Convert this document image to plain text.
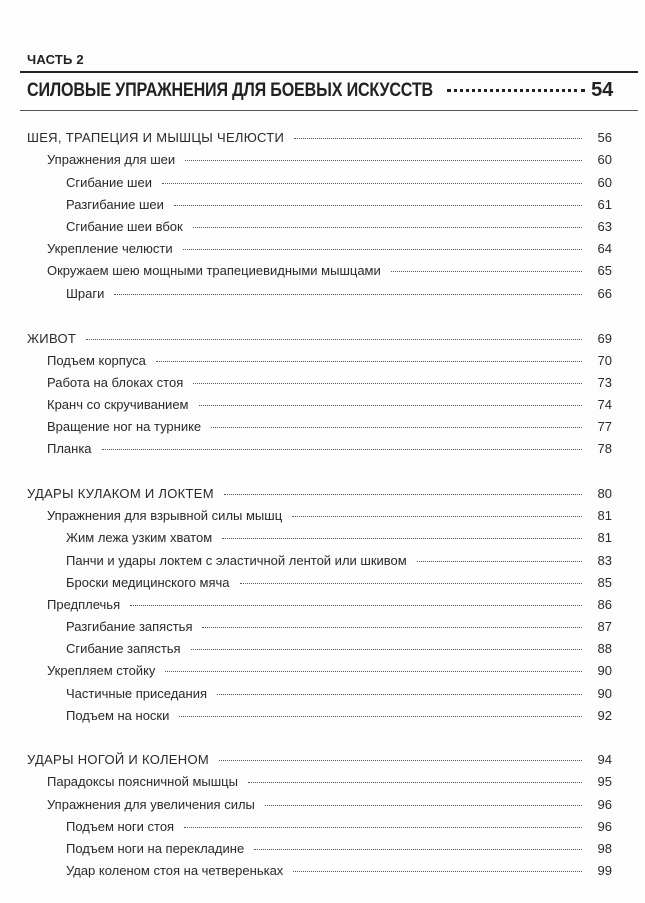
ЧАСТЬ 2
СИЛОВЫЕ УПРАЖНЕНИЯ ДЛЯ БОЕВЫХ ИСКУССТВ	54
ШЕЯ, ТРАПЕЦИЯ И МЫШЦЫ ЧЕЛЮСТИ	56
Упражнения для шеи	60
Сгибание шеи	60
Разгибание шеи	61
Сгибание шеи вбок	63
Укрепление челюсти	64
Окружаем шею мощными трапециевидными мышцами	65
Шраги	66
ЖИВОТ	69
Подъем корпуса	70
Работа на блоках стоя	73
Кранч со скручиванием	74
Вращение ног на турнике	77
Планка	78
УДАРЫ КУЛАКОМ И ЛОКТЕМ	80
Упражнения для взрывной силы мышц	81
Жим лежа узким хватом	81
Панчи и удары локтем с эластичной лентой или шкивом	83
Броски медицинского мяча	85
Предплечья	86
Разгибание запястья	87
Сгибание запястья	88
Укрепляем стойку	90
Частичные приседания	90
Подъем на носки	92
УДАРЫ НОГОЙ И КОЛЕНОМ	94
Парадоксы поясничной мышцы	95
Упражнения для увеличения силы	96
Подъем ноги стоя	96
Подъем ноги на перекладине	98
Удар коленом стоя на четвереньках	99
